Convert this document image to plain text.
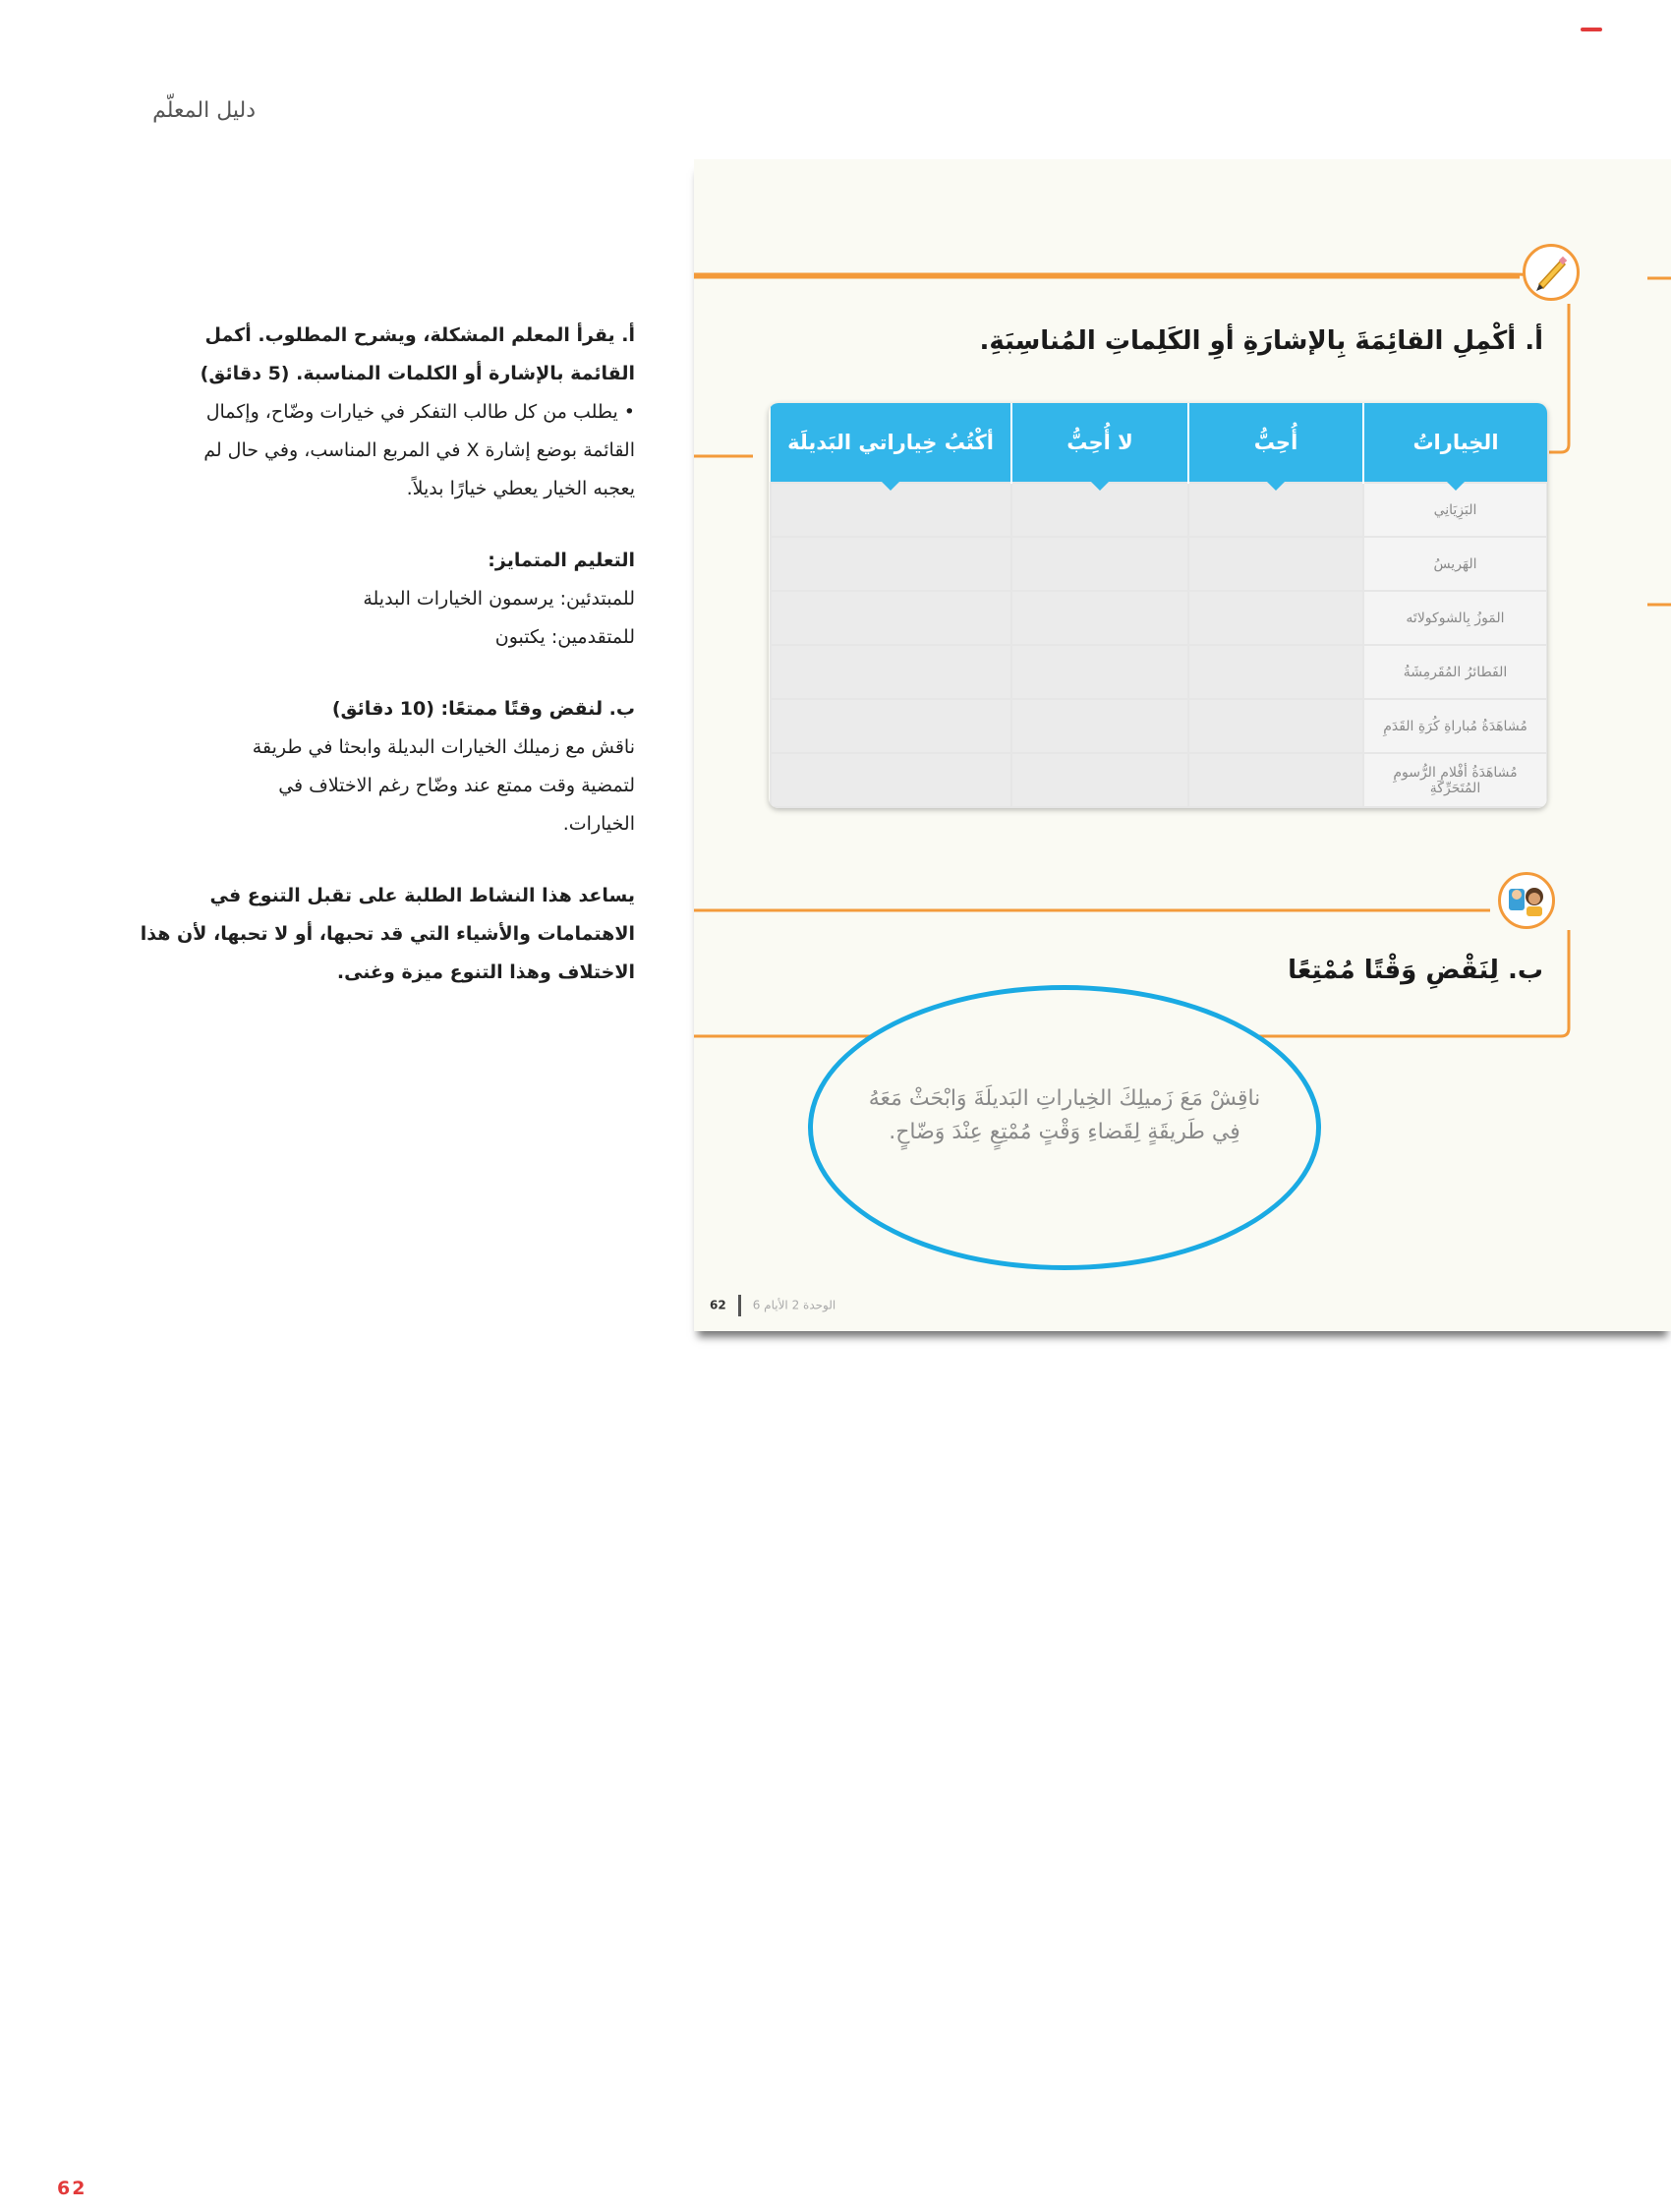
دليل المعلّم

أ. يقرأ المعلم المشكلة، ويشرح المطلوب. أكمل

القائمة بالإشارة أو الكلمات المناسبة. (5 دقائق)

• يطلب من كل طالب التفكر في خيارات وضّاح، وإكمال

القائمة بوضع إشارة X في المربع المناسب، وفي حال لم

يعجبه الخيار يعطي خيارًا بديلاً.

التعليم المتمايز:

للمبتدئين: يرسمون الخيارات البديلة

للمتقدمين: يكتبون

ب. لنقض وقتًا ممتعًا: (10 دقائق)

ناقش مع زميلك الخيارات البديلة وابحثا في طريقة

لتمضية وقت ممتع عند وضّاح رغم الاختلاف في

الخيارات.

يساعد هذا النشاط الطلبة على تقبل التنوع في

الاهتمامات والأشياء التي قد تحبها، أو لا تحبها، لأن هذا

الاختلاف وهذا التنوع ميزة وغنى.

أ. أكْمِلِ القائِمَةَ بِالإشارَةِ أوِ الكَلِماتِ المُناسِبَةِ.
الخِياراتُ	أُحِبُّ	لا أُحِبُّ	أكْتُبُ خِياراتي البَديلَة

البَزِيَانِي			
الهَريسُ			
المَوزُ بِالشوكولاتَه			
الفَطائرُ المُقَرمِشَةُ			
مُشاهَدَةُ مُباراةِ كُرَةِ القَدَمِ			
مُشاهَدَةُ أفْلامِ الرُّسومِ المُتَحَرِّكَةِ			
ب. لِنَقْضِ وَقْتًا مُمْتِعًا
ناقِشْ مَعَ زَميلِكَ الخِياراتِ البَديلَةَ وَابْحَثْ مَعَهُ فِي طَريقَةٍ لِقَضاءِ وَقْتٍ مُمْتِعٍ عِنْدَ وَضّاحٍ.
62 الوحدة 2 الأيام 6
62
